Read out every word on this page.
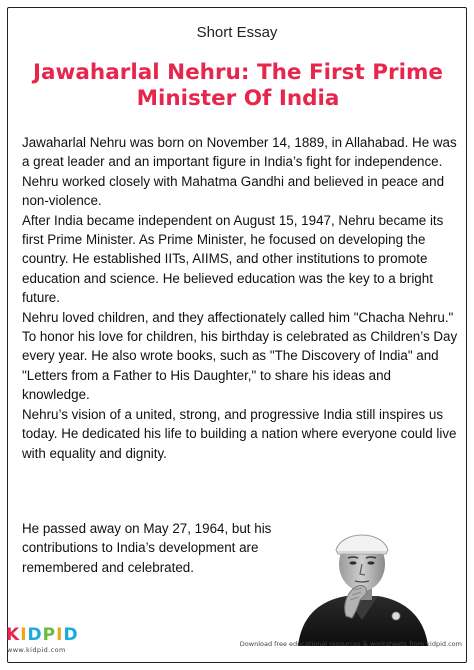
Short Essay
Jawaharlal Nehru: The First Prime
Minister Of India

Jawaharlal Nehru was born on November 14, 1889, in Allahabad. He was a great leader and an important figure in India’s fight for independence. Nehru worked closely with Mahatma Gandhi and believed in peace and non-violence.

After India became independent on August 15, 1947, Nehru became its first Prime Minister. As Prime Minister, he focused on developing the country. He established IITs, AIIMS, and other institutions to promote education and science. He believed education was the key to a bright future.

Nehru loved children, and they affectionately called him "Chacha Nehru." To honor his love for children, his birthday is celebrated as Children’s Day every year. He also wrote books, such as "The Discovery of India" and "Letters from a Father to His Daughter," to share his ideas and knowledge.

Nehru’s vision of a united, strong, and progressive India still inspires us today. He dedicated his life to building a nation where everyone could live with equality and dignity.

He passed away on May 27, 1964, but his contributions to India’s development are remembered and celebrated.
KIDPID
www.kidpid.com
Download free educational resources & worksheets from kidpid.com
